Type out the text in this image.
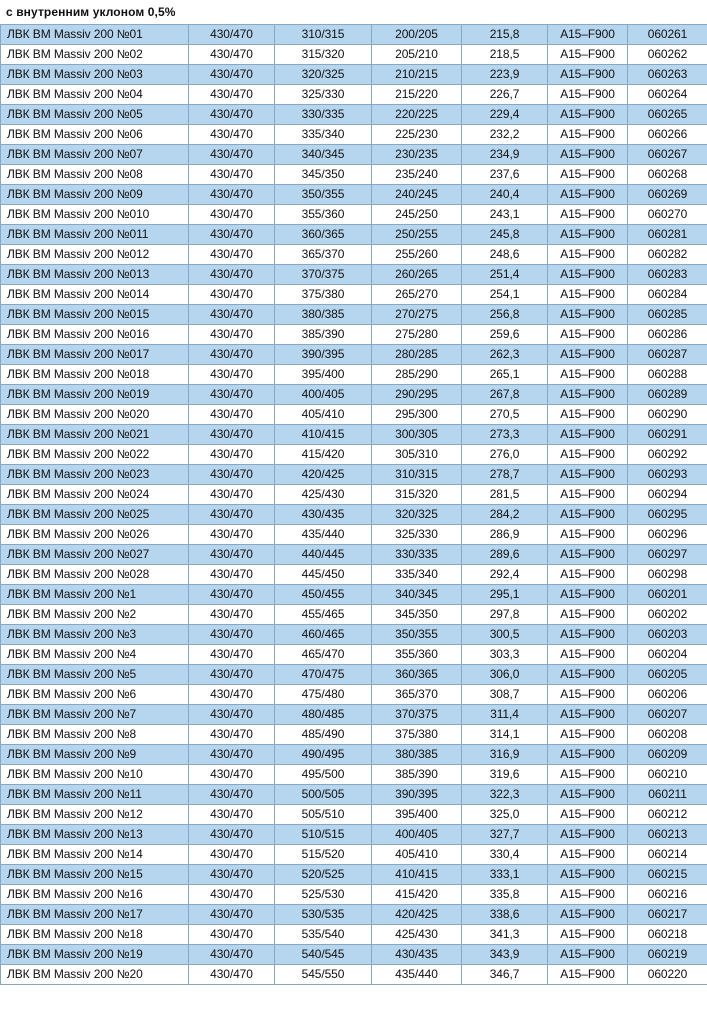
с внутренним уклоном 0,5%
ЛВК BM Massiv 200 №01	430/470	310/315	200/205	215,8	A15–F900	060261
ЛВК BM Massiv 200 №02	430/470	315/320	205/210	218,5	A15–F900	060262
ЛВК BM Massiv 200 №03	430/470	320/325	210/215	223,9	A15–F900	060263
ЛВК BM Massiv 200 №04	430/470	325/330	215/220	226,7	A15–F900	060264
ЛВК BM Massiv 200 №05	430/470	330/335	220/225	229,4	A15–F900	060265
ЛВК BM Massiv 200 №06	430/470	335/340	225/230	232,2	A15–F900	060266
ЛВК BM Massiv 200 №07	430/470	340/345	230/235	234,9	A15–F900	060267
ЛВК BM Massiv 200 №08	430/470	345/350	235/240	237,6	A15–F900	060268
ЛВК BM Massiv 200 №09	430/470	350/355	240/245	240,4	A15–F900	060269
ЛВК BM Massiv 200 №010	430/470	355/360	245/250	243,1	A15–F900	060270
ЛВК BM Massiv 200 №011	430/470	360/365	250/255	245,8	A15–F900	060281
ЛВК BM Massiv 200 №012	430/470	365/370	255/260	248,6	A15–F900	060282
ЛВК BM Massiv 200 №013	430/470	370/375	260/265	251,4	A15–F900	060283
ЛВК BM Massiv 200 №014	430/470	375/380	265/270	254,1	A15–F900	060284
ЛВК BM Massiv 200 №015	430/470	380/385	270/275	256,8	A15–F900	060285
ЛВК BM Massiv 200 №016	430/470	385/390	275/280	259,6	A15–F900	060286
ЛВК BM Massiv 200 №017	430/470	390/395	280/285	262,3	A15–F900	060287
ЛВК BM Massiv 200 №018	430/470	395/400	285/290	265,1	A15–F900	060288
ЛВК BM Massiv 200 №019	430/470	400/405	290/295	267,8	A15–F900	060289
ЛВК BM Massiv 200 №020	430/470	405/410	295/300	270,5	A15–F900	060290
ЛВК BM Massiv 200 №021	430/470	410/415	300/305	273,3	A15–F900	060291
ЛВК BM Massiv 200 №022	430/470	415/420	305/310	276,0	A15–F900	060292
ЛВК BM Massiv 200 №023	430/470	420/425	310/315	278,7	A15–F900	060293
ЛВК BM Massiv 200 №024	430/470	425/430	315/320	281,5	A15–F900	060294
ЛВК BM Massiv 200 №025	430/470	430/435	320/325	284,2	A15–F900	060295
ЛВК BM Massiv 200 №026	430/470	435/440	325/330	286,9	A15–F900	060296
ЛВК BM Massiv 200 №027	430/470	440/445	330/335	289,6	A15–F900	060297
ЛВК BM Massiv 200 №028	430/470	445/450	335/340	292,4	A15–F900	060298
ЛВК BM Massiv 200 №1	430/470	450/455	340/345	295,1	A15–F900	060201
ЛВК BM Massiv 200 №2	430/470	455/465	345/350	297,8	A15–F900	060202
ЛВК BM Massiv 200 №3	430/470	460/465	350/355	300,5	A15–F900	060203
ЛВК BM Massiv 200 №4	430/470	465/470	355/360	303,3	A15–F900	060204
ЛВК BM Massiv 200 №5	430/470	470/475	360/365	306,0	A15–F900	060205
ЛВК BM Massiv 200 №6	430/470	475/480	365/370	308,7	A15–F900	060206
ЛВК BM Massiv 200 №7	430/470	480/485	370/375	311,4	A15–F900	060207
ЛВК BM Massiv 200 №8	430/470	485/490	375/380	314,1	A15–F900	060208
ЛВК BM Massiv 200 №9	430/470	490/495	380/385	316,9	A15–F900	060209
ЛВК BM Massiv 200 №10	430/470	495/500	385/390	319,6	A15–F900	060210
ЛВК BM Massiv 200 №11	430/470	500/505	390/395	322,3	A15–F900	060211
ЛВК BM Massiv 200 №12	430/470	505/510	395/400	325,0	A15–F900	060212
ЛВК BM Massiv 200 №13	430/470	510/515	400/405	327,7	A15–F900	060213
ЛВК BM Massiv 200 №14	430/470	515/520	405/410	330,4	A15–F900	060214
ЛВК BM Massiv 200 №15	430/470	520/525	410/415	333,1	A15–F900	060215
ЛВК BM Massiv 200 №16	430/470	525/530	415/420	335,8	A15–F900	060216
ЛВК BM Massiv 200 №17	430/470	530/535	420/425	338,6	A15–F900	060217
ЛВК BM Massiv 200 №18	430/470	535/540	425/430	341,3	A15–F900	060218
ЛВК BM Massiv 200 №19	430/470	540/545	430/435	343,9	A15–F900	060219
ЛВК BM Massiv 200 №20	430/470	545/550	435/440	346,7	A15–F900	060220
